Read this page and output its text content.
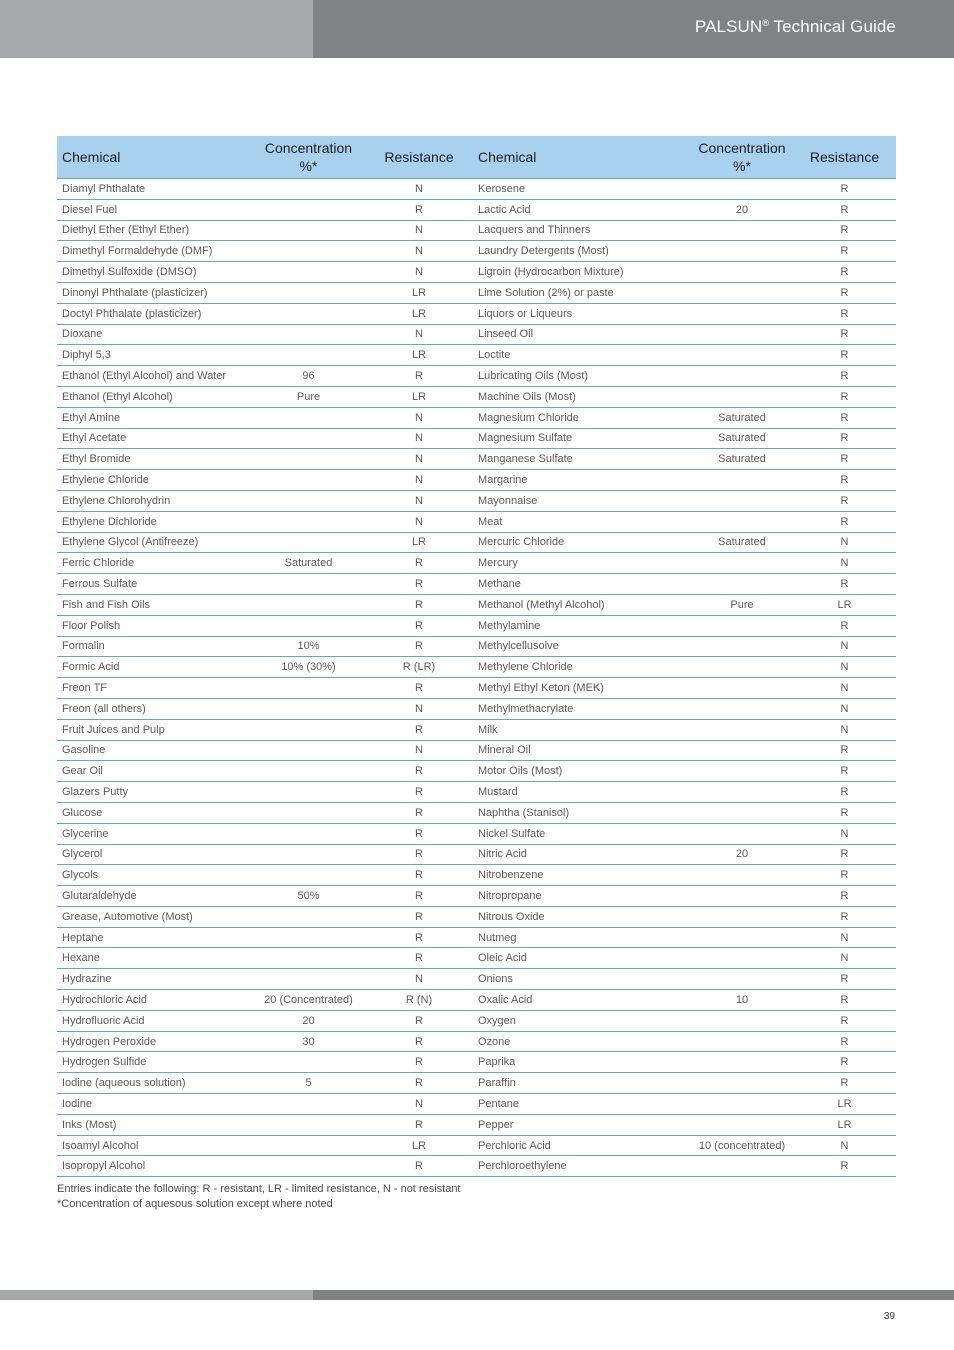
PALSUN® Technical Guide
Chemical	Concentration
%*	Resistance	Chemical	Concentration
%*	Resistance
Diamyl Phthalate		N	Kerosene		R
Diesel Fuel		R	Lactic Acid	20	R
Diethyl Ether (Ethyl Ether)		N	Lacquers and Thinners		R
Dimethyl Formaldehyde (DMF)		N	Laundry Detergents (Most)		R
Dimethyl Sulfoxide (DMSO)		N	Ligroin (Hydrocarbon Mixture)		R
Dinonyl Phthalate (plasticizer)		LR	Lime Solution (2%) or paste		R
Doctyl Phthalate (plasticizer)		LR	Liquors or Liqueurs		R
Dioxane		N	Linseed Oil		R
Diphyl 5,3		LR	Loctite		R
Ethanol (Ethyl Alcohol) and Water	96	R	Lubricating Oils (Most)		R
Ethanol (Ethyl Alcohol)	Pure	LR	Machine Oils (Most)		R
Ethyl Amine		N	Magnesium Chloride	Saturated	R
Ethyl Acetate		N	Magnesium Sulfate	Saturated	R
Ethyl Bromide		N	Manganese Sulfate	Saturated	R
Ethylene Chloride		N	Margarine		R
Ethylene Chlorohydrin		N	Mayonnaise		R
Ethylene Dichloride		N	Meat		R
Ethylene Glycol (Antifreeze)		LR	Mercuric Chloride	Saturated	N
Ferric Chloride	Saturated	R	Mercury		N
Ferrous Sulfate		R	Methane		R
Fish and Fish Oils		R	Methanol (Methyl Alcohol)	Pure	LR
Floor Polish		R	Methylamine		R
Formalin	10%	R	Methylcellusolve		N
Formic Acid	10% (30%)	R (LR)	Methylene Chloride		N
Freon TF		R	Methyl Ethyl Keton (MEK)		N
Freon (all others)		N	Methylmethacrylate		N
Fruit Juices and Pulp		R	Milk		N
Gasoline		N	Mineral Oil		R
Gear Oil		R	Motor Oils (Most)		R
Glazers Putty		R	Mustard		R
Glucose		R	Naphtha (Stanisol)		R
Glycerine		R	Nickel Sulfate		N
Glycerol		R	Nitric Acid	20	R
Glycols		R	Nitrobenzene		R
Glutaraldehyde	50%	R	Nitropropane		R
Grease, Automotive (Most)		R	Nitrous Oxide		R
Heptane		R	Nutmeg		N
Hexane		R	Oleic Acid		N
Hydrazine		N	Onions		R
Hydrochloric Acid	20 (Concentrated)	R (N)	Oxalic Acid	10	R
Hydrofluoric Acid	20	R	Oxygen		R
Hydrogen Peroxide	30	R	Ozone		R
Hydrogen Sulfide		R	Paprika		R
Iodine (aqueous solution)	5	R	Paraffin		R
Iodine		N	Pentane		LR
Inks (Most)		R	Pepper		LR
Isoamyl Alcohol		LR	Perchloric Acid	10 (concentrated)	N
Isopropyl Alcohol		R	Perchloroethylene		R
Entries indicate the following: R - resistant, LR - limited resistance, N - not resistant
*Concentration of aquesous solution except where noted
39
